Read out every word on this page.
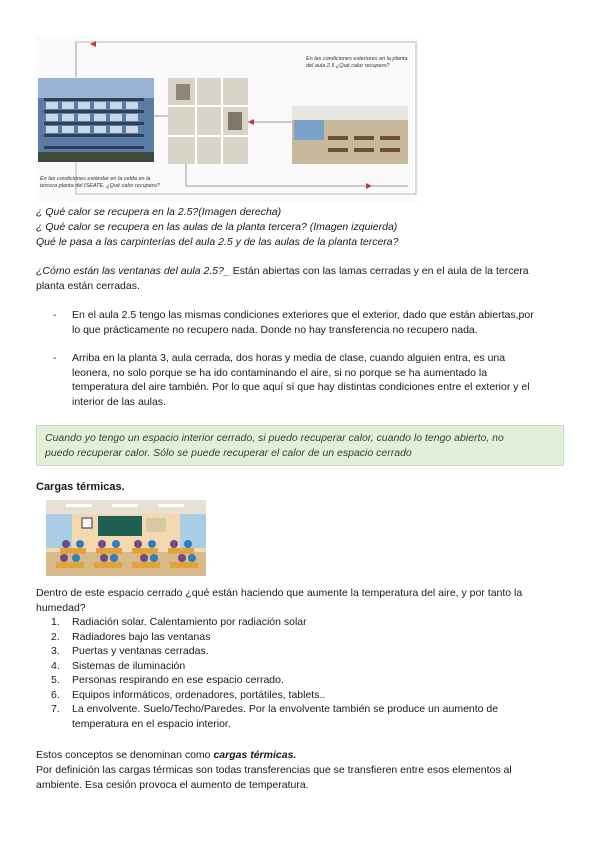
En las condiciones exteriores en la planta del aula 2.5 ¿Qué calor recupero?
En las condiciones estándar en la celda en la tercera planta del ISEATE. ¿Qué calor recupero?
¿ Qué calor se recupera en la 2.5?(Imagen derecha)
¿ Qué calor se recupera en las aulas de la planta tercera? (Imagen izquierda)
Qué le pasa a las carpinterías del aula 2.5 y de las aulas de la planta tercera?
¿Cómo están las ventanas del aula 2.5?_ Están abiertas con las lamas cerradas y en el aula de la tercera
planta están cerradas.
- En el aula 2.5 tengo las mismas condiciones exteriores que el exterior, dado que están abiertas,por
lo que prácticamente no recupero nada. Donde no hay transferencia no recupero nada.
- Arriba en la planta 3, aula cerrada, dos horas y media de clase, cuando alguien entra, es una
leonera, no solo porque se ha ido contaminando el aire, si no porque se ha aumentado la
temperatura del aire también. Por lo que aquí sí que hay distintas condiciones entre el exterior y el
interior de las aulas.

Cuando yo tengo un espacio interior cerrado, si puedo recuperar calor, cuando lo tengo abierto, no

puedo recuperar calor. Sólo se puede recuperar el calor de un espacio cerrado

Cargas térmicas.
Dentro de este espacio cerrado ¿qué están haciendo que aumente la temperatura del aire, y por tanto la
humedad?
1. Radiación solar. Calentamiento por radiación solar
2. Radiadores bajo las ventanas
3. Puertas y ventanas cerradas.
4. Sistemas de iluminación
5. Personas respirando en ese espacio cerrado.
6. Equipos informáticos, ordenadores, portátiles, tablets..
7. La envolvente. Suelo/Techo/Paredes. Por la envolvente también se produce un aumento de
temperatura en el espacio interior.
Estos conceptos se denominan como cargas térmicas.
Por definición las cargas térmicas son todas transferencias que se transfieren entre esos elementos al
ambiente. Esa cesión provoca el aumento de temperatura.
